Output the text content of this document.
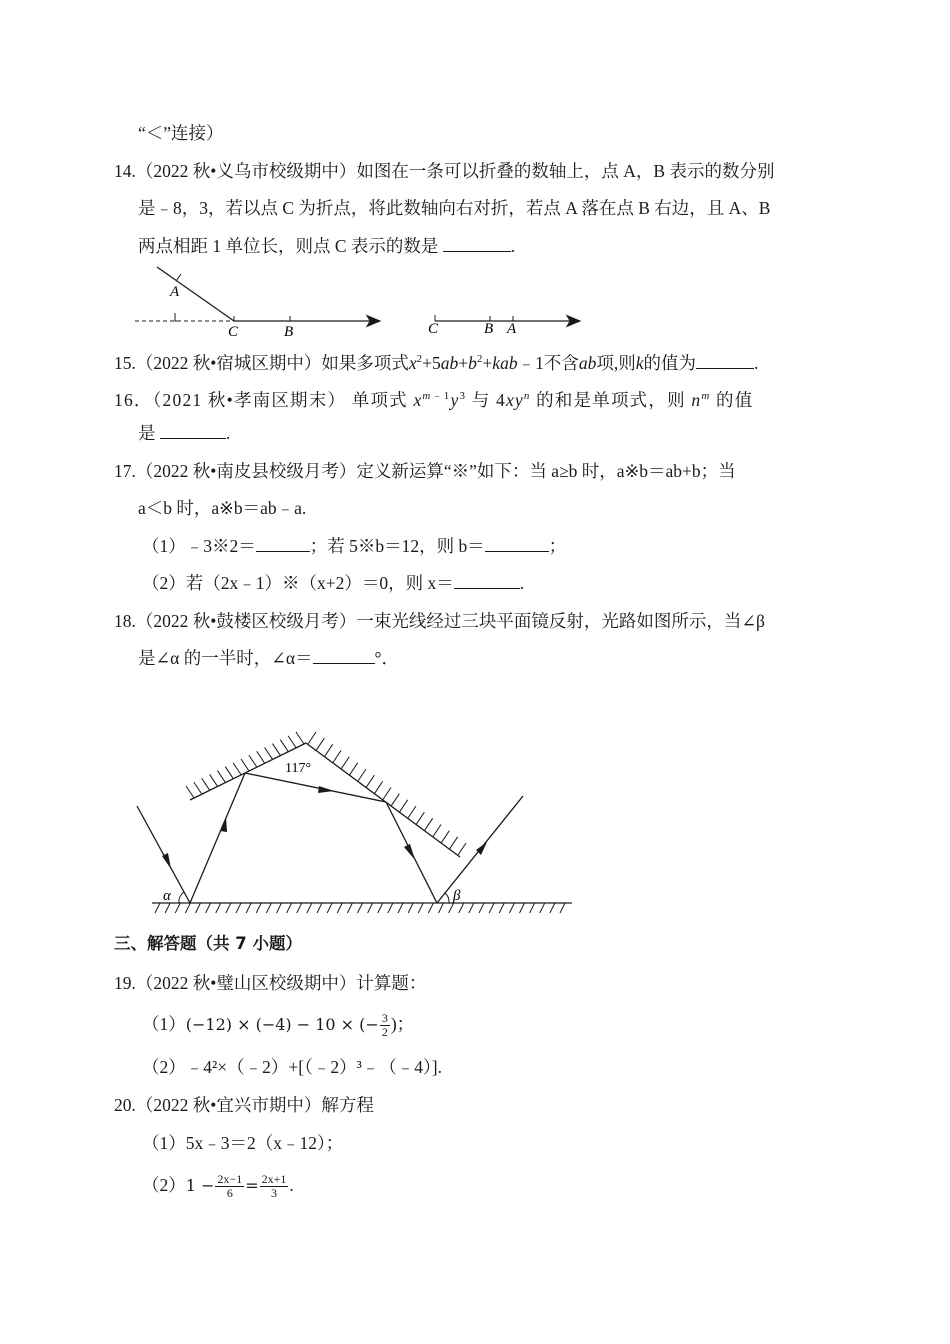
“＜”连接）
14.（2022 秋•义乌市校级期中）如图在一条可以折叠的数轴上，点 A，B 表示的数分别
是﹣8，3，若以点 C 为折点，将此数轴向右对折，若点 A 落在点 B 右边，且 A、B
两点相距 1 单位长，则点 C 表示的数是	.
A
C	B	C	B A
15.（2022 秋•宿城区期中）如果多项式$x^2+5ab+b^2+kab﹣1$不含ab项,则k的值为	.
16．（2021 秋•孝南区期末） 单项式 $x^{m﹣1}y^3$ 与 $4xy^n$ 的和是单项式，则 $n^m$ 的值
是	.
17.（2022 秋•南皮县校级月考）定义新运算“※”如下：当 a≥b 时，a※b＝ab+b；当
a＜b 时，a※b＝ab﹣a.
（1）﹣3※2＝	；若 5※b＝12，则 b＝	；
（2）若（2x﹣1）※（x+2）＝0，则 x＝	.
18.（2022 秋•鼓楼区校级月考）一束光线经过三块平面镜反射，光路如图所示，当∠β
是∠α 的一半时，∠α＝	°．
117°
α	β
三、解答题（共 7 小题）
19.（2022 秋•璧山区校级期中）计算题：
（1）(−12) × (−4) − 10 × (− $\frac{3}{2}$ )；
（2）﹣4²×（﹣2）+[（﹣2）³﹣（﹣4）].
20.（2022 秋•宜兴市期中）解方程
（1）5x﹣3＝2（x﹣12）；
$(2)1 - \frac{2x-1}{6} = \frac{2x+1}{3}$ .
